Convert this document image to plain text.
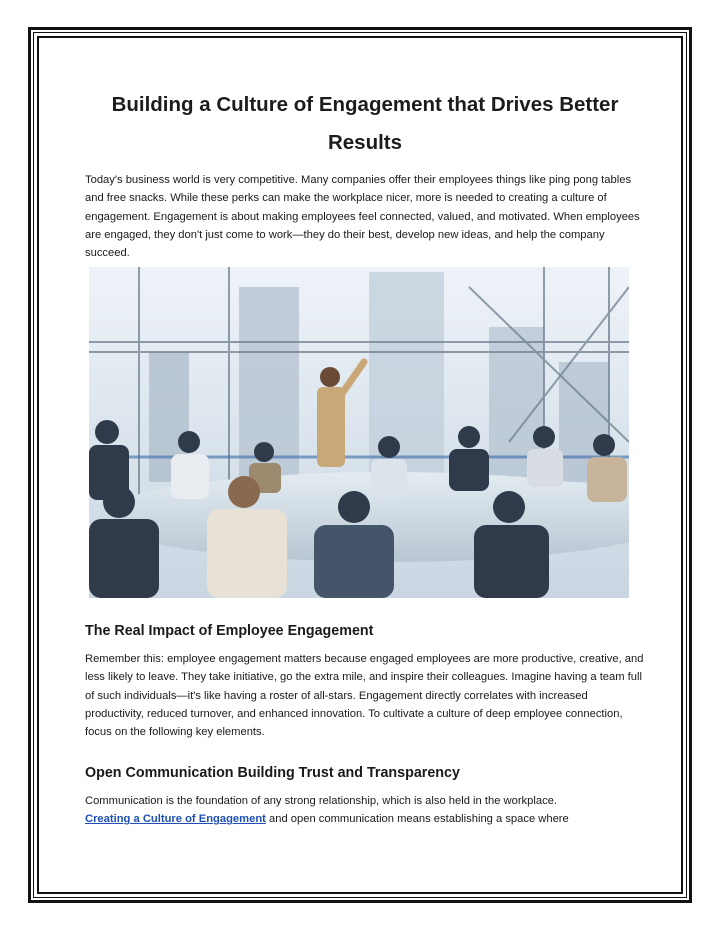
Building a Culture of Engagement that Drives Better Results

Today's business world is very competitive. Many companies offer their employees things like ping pong tables and free snacks. While these perks can make the workplace nicer, more is needed to creating a culture of engagement. Engagement is about making employees feel connected, valued, and motivated. When employees are engaged, they don't just come to work—they do their best, develop new ideas, and help the company succeed.

The Real Impact of Employee Engagement

Remember this: employee engagement matters because engaged employees are more productive, creative, and less likely to leave. They take initiative, go the extra mile, and inspire their colleagues. Imagine having a team full of such individuals—it's like having a roster of all-stars. Engagement directly correlates with increased productivity, reduced turnover, and enhanced innovation. To cultivate a culture of deep employee connection, focus on the following key elements.

Open Communication Building Trust and Transparency

Communication is the foundation of any strong relationship, which is also held in the workplace.
Creating a Culture of Engagement and open communication means establishing a space where
